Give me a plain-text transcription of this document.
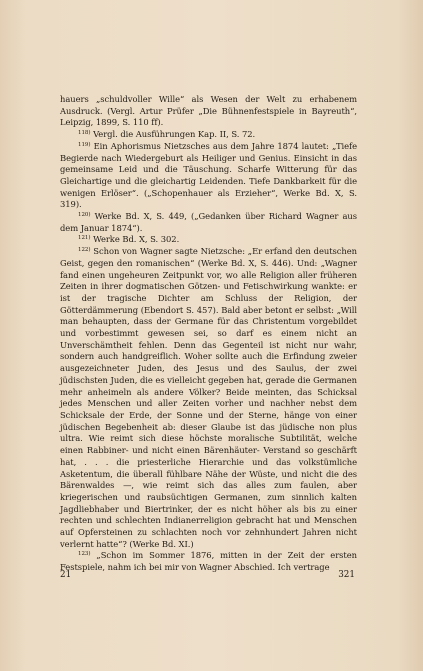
hauers „schuldvoller Wille“ als Wesen der Welt zu erhabenem Ausdruck. (Vergl. Artur Prüfer „Die Bühnenfestspiele in Bayreuth“, Leipzig, 1899, S. 110 ff).

$^{118)}$ Vergl. die Ausführungen Kap. II, S. 72.

$^{119)}$ Ein Aphorismus Nietzsches aus dem Jahre 1874 lautet: „Tiefe Begierde nach Wiedergeburt als Heiliger und Genius. Einsicht in das gemeinsame Leid und die Täuschung. Scharfe Witterung für das Gleichartige und die gleichartig Leidenden. Tiefe Dankbarkeit für die wenigen Erlöser“. („Schopenhauer als Erzieher“, Werke Bd. X, S. 319).

$^{120)}$ Werke Bd. X, S. 449, („Gedanken über Richard Wagner aus dem Januar 1874“).

$^{121)}$ Werke Bd. X, S. 302.

$^{122)}$ Schon von Wagner sagte Nietzsche: „Er erfand den deutschen Geist, gegen den romanischen“ (Werke Bd. X, S. 446). Und: „Wagner fand einen ungeheuren Zeitpunkt vor, wo alle Religion aller früheren Zeiten in ihrer dogmatischen Götzen- und Fetischwirkung wankte: er ist der tragische Dichter am Schluss der Religion, der Götterdämmerung (Ebendort S. 457). Bald aber betont er selbst: „Will man behaupten, dass der Germane für das Christentum vorgebildet und vorbestimmt gewesen sei, so darf es einem nicht an Unverschämtheit fehlen. Denn das Gegenteil ist nicht nur wahr, sondern auch handgreiflich. Woher sollte auch die Erfindung zweier ausgezeichneter Juden, des Jesus und des Saulus, der zwei jüdischsten Juden, die es vielleicht gegeben hat, gerade die Germanen mehr anheimeln als andere Völker? Beide meinten, das Schicksal jedes Menschen und aller Zeiten vorher und nachher nebst dem Schicksale der Erde, der Sonne und der Sterne, hänge von einer jüdischen Begebenheit ab: dieser Glaube ist das jüdische non plus ultra. Wie reimt sich diese höchste moralische Subtilität, welche einen Rabbiner- und nicht einen Bärenhäuter- Verstand so geschärft hat, . . . die priesterliche Hierarchie und das volkstümliche Asketentum, die überall fühlbare Nähe der Wüste, und nicht die des Bärenwaldes —, wie reimt sich das alles zum faulen, aber kriegerischen und raubsüchtigen Germanen, zum sinnlich kalten Jagdliebhaber und Biertrinker, der es nicht höher als bis zu einer rechten und schlechten Indianerreligion gebracht hat und Menschen auf Opfersteinen zu schlachten noch vor zehnhundert Jahren nicht verlernt hatte“? (Werke Bd. XI.)

$^{123)}$ „Schon im Sommer 1876, mitten in der Zeit der ersten Festspiele, nahm ich bei mir von Wagner Abschied. Ich vertrage

21	321
